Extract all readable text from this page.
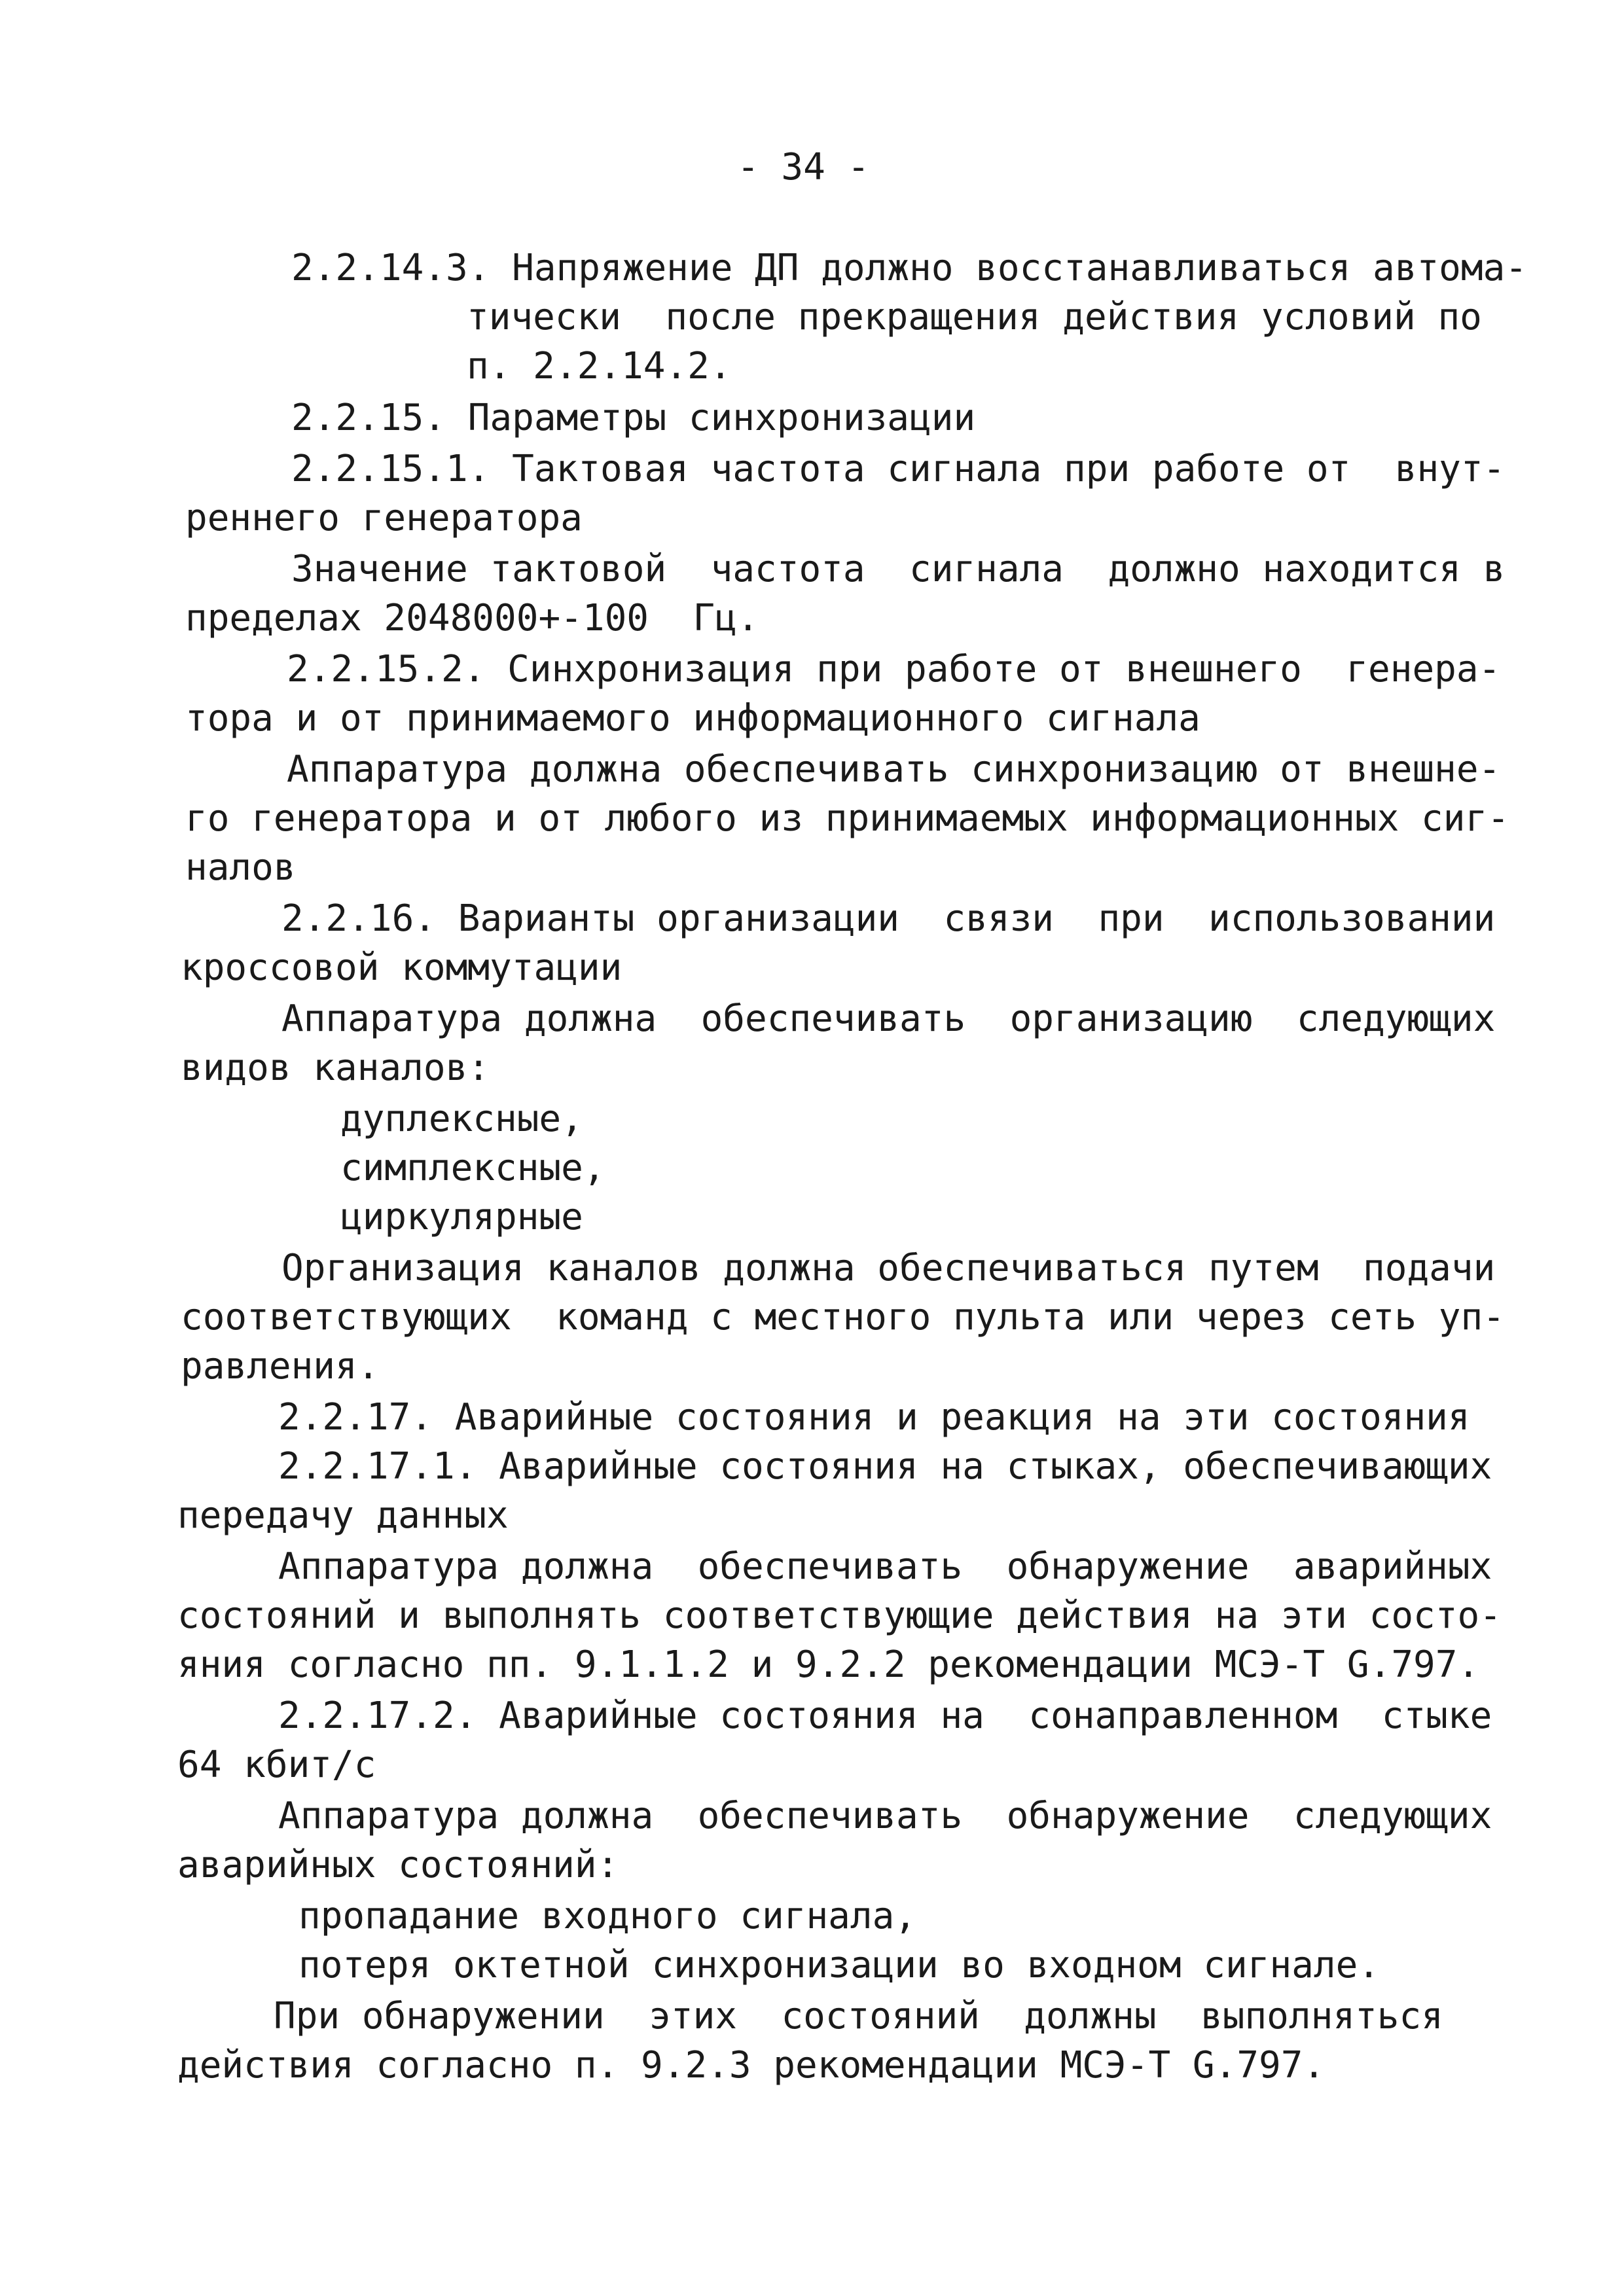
- 34 -
2.2.14.3. Напряжение ДП должно восстанавливаться автома-
тически  после прекращения действия условий по
п. 2.2.14.2.
2.2.15. Параметры синхронизации
2.2.15.1. Тактовая частота сигнала при работе от  внут-
реннего генератора
Значение тактовой  частота  сигнала  должно находится в
пределах 2048000+-100  Гц.
2.2.15.2. Синхронизация при работе от внешнего  генера-
тора и от принимаемого информационного сигнала
Аппаратура должна обеспечивать синхронизацию от внешне-
го генератора и от любого из принимаемых информационных сиг-
налов
2.2.16. Варианты организации  связи  при  использовании
кроссовой коммутации
Аппаратура должна  обеспечивать  организацию  следующих
видов каналов:
дуплексные,
симплексные,
циркулярные
Организация каналов должна обеспечиваться путем  подачи
соответствующих  команд с местного пульта или через сеть уп-
равления.
2.2.17. Аварийные состояния и реакция на эти состояния
2.2.17.1. Аварийные состояния на стыках, обеспечивающих
передачу данных
Аппаратура должна  обеспечивать  обнаружение  аварийных
состояний и выполнять соответствующие действия на эти состо-
яния согласно пп. 9.1.1.2 и 9.2.2 рекомендации МСЭ-Т G.797.
2.2.17.2. Аварийные состояния на  сонаправленном  стыке
64 кбит/с
Аппаратура должна  обеспечивать  обнаружение  следующих
аварийных состояний:
пропадание входного сигнала,
потеря октетной синхронизации во входном сигнале.
При обнаружении  этих  состояний  должны  выполняться
действия согласно п. 9.2.3 рекомендации МСЭ-Т G.797.
